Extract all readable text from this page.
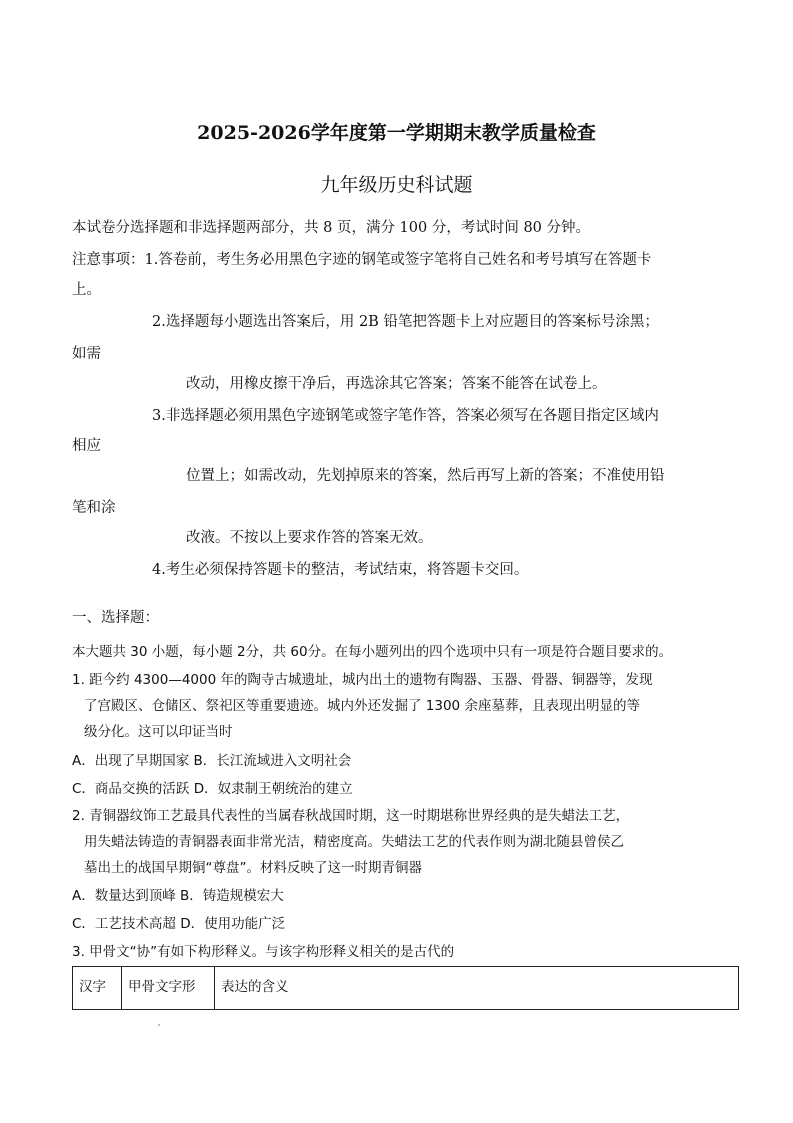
2025-2026学年度第一学期期末教学质量检查
九年级历史科试题
本试卷分选择题和非选择题两部分，共 8 页，满分 100 分，考试时间 80 分钟。
注意事项：1.答卷前，考生务必用黑色字迹的钢笔或签字笔将自己姓名和考号填写在答题卡
上。
2.选择题每小题选出答案后，用 2B 铅笔把答题卡上对应题目的答案标号涂黑；
如需
改动，用橡皮擦干净后，再选涂其它答案；答案不能答在试卷上。
3.非选择题必须用黑色字迹钢笔或签字笔作答，答案必须写在各题目指定区域内
相应
位置上；如需改动，先划掉原来的答案，然后再写上新的答案；不准使用铅
笔和涂
改液。不按以上要求作答的答案无效。
4.考生必须保持答题卡的整洁，考试结束，将答题卡交回。
一、选择题：
本大题共 30 小题，每小题 2分，共 60分。在每小题列出的四个选项中只有一项是符合题目要求的。
1. 距今约 4300—4000 年的陶寺古城遗址，城内出土的遗物有陶器、玉器、骨器、铜器等，发现
了宫殿区、仓储区、祭祀区等重要遗迹。城内外还发掘了 1300 余座墓葬，且表现出明显的等
级分化。这可以印证当时
A．出现了早期国家 B．长江流域进入文明社会
C．商品交换的活跃 D．奴隶制王朝统治的建立
2. 青铜器纹饰工艺最具代表性的当属春秋战国时期，这一时期堪称世界经典的是失蜡法工艺，
用失蜡法铸造的青铜器表面非常光洁，精密度高。失蜡法工艺的代表作则为湖北随县曾侯乙
墓出土的战国早期铜“尊盘”。材料反映了这一时期青铜器
A．数量达到顶峰 B．铸造规模宏大
C．工艺技术高超 D．使用功能广泛
3. 甲骨文“协”有如下构形释义。与该字构形释义相关的是古代的
汉字	甲骨文字形	表达的含义
